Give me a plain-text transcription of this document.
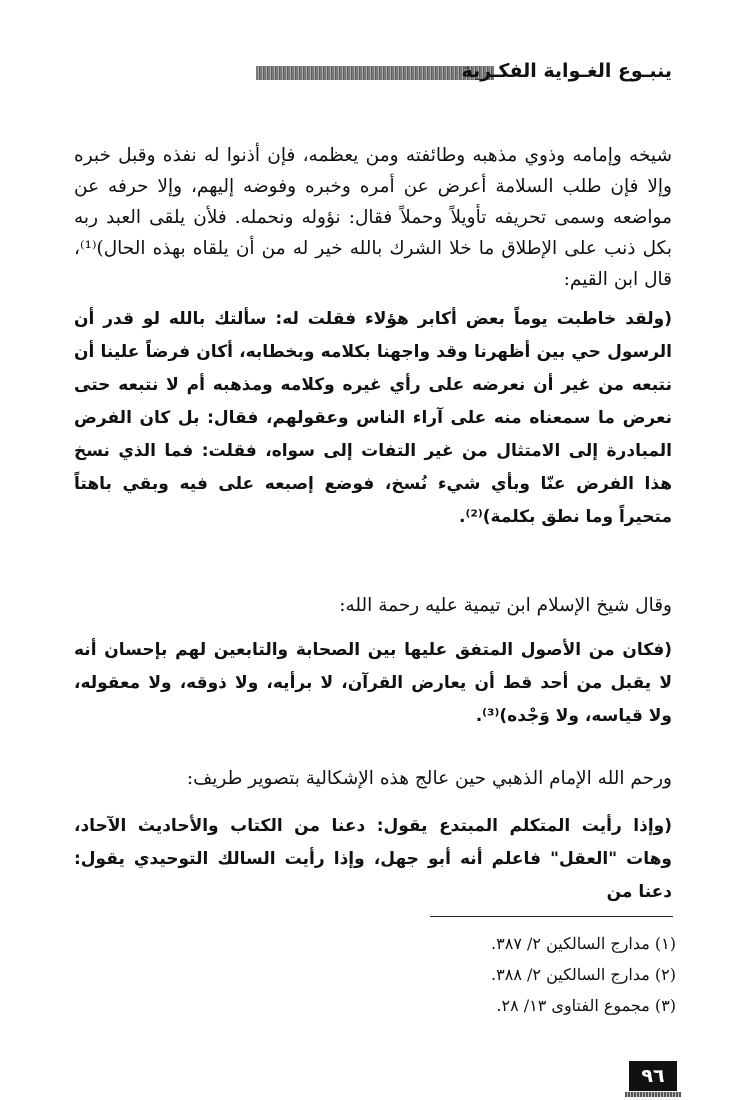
ينبـوع الغـواية الفكـرية
شيخه وإمامه وذوي مذهبه وطائفته ومن يعظمه، فإن أذنوا له نفذه وقبل خبره وإلا فإن طلب السلامة أعرض عن أمره وخبره وفوضه إليهم، وإلا حرفه عن مواضعه وسمى تحريفه تأويلاً وحملاً فقال: نؤوله ونحمله. فلأن يلقى العبد ربه بكل ذنب على الإطلاق ما خلا الشرك بالله خير له من أن يلقاه بهذه الحال)⁽¹⁾، قال ابن القيم:
(ولقد خاطبت يوماً بعض أكابر هؤلاء فقلت له: سألتك بالله لو قدر أن الرسول حي بين أظهرنا وقد واجهنا بكلامه وبخطابه، أكان فرضاً علينا أن نتبعه من غير أن نعرضه على رأي غيره وكلامه ومذهبه أم لا نتبعه حتى نعرض ما سمعناه منه على آراء الناس وعقولهم، فقال: بل كان الفرض المبادرة إلى الامتثال من غير التفات إلى سواه، فقلت: فما الذي نسخ هذا الفرض عنّا وبأي شيء نُسخ، فوضع إصبعه على فيه وبقي باهتاً متحيراً وما نطق بكلمة)⁽²⁾.
وقال شيخ الإسلام ابن تيمية عليه رحمة الله:
(فكان من الأصول المتفق عليها بين الصحابة والتابعين لهم بإحسان أنه لا يقبل من أحد قط أن يعارض القرآن، لا برأيه، ولا ذوقه، ولا معقوله، ولا قياسه، ولا وَجْده)⁽³⁾.
ورحم الله الإمام الذهبي حين عالج هذه الإشكالية بتصوير طريف:
(وإذا رأيت المتكلم المبتدع يقول: دعنا من الكتاب والأحاديث الآحاد، وهات "العقل" فاعلم أنه أبو جهل، وإذا رأيت السالك التوحيدي يقول: دعنا من
(١) مدارج السالكين ٢/ ٣٨٧.
(٢) مدارج السالكين ٢/ ٣٨٨.
(٣) مجموع الفتاوى ١٣/ ٢٨.
٩٦
